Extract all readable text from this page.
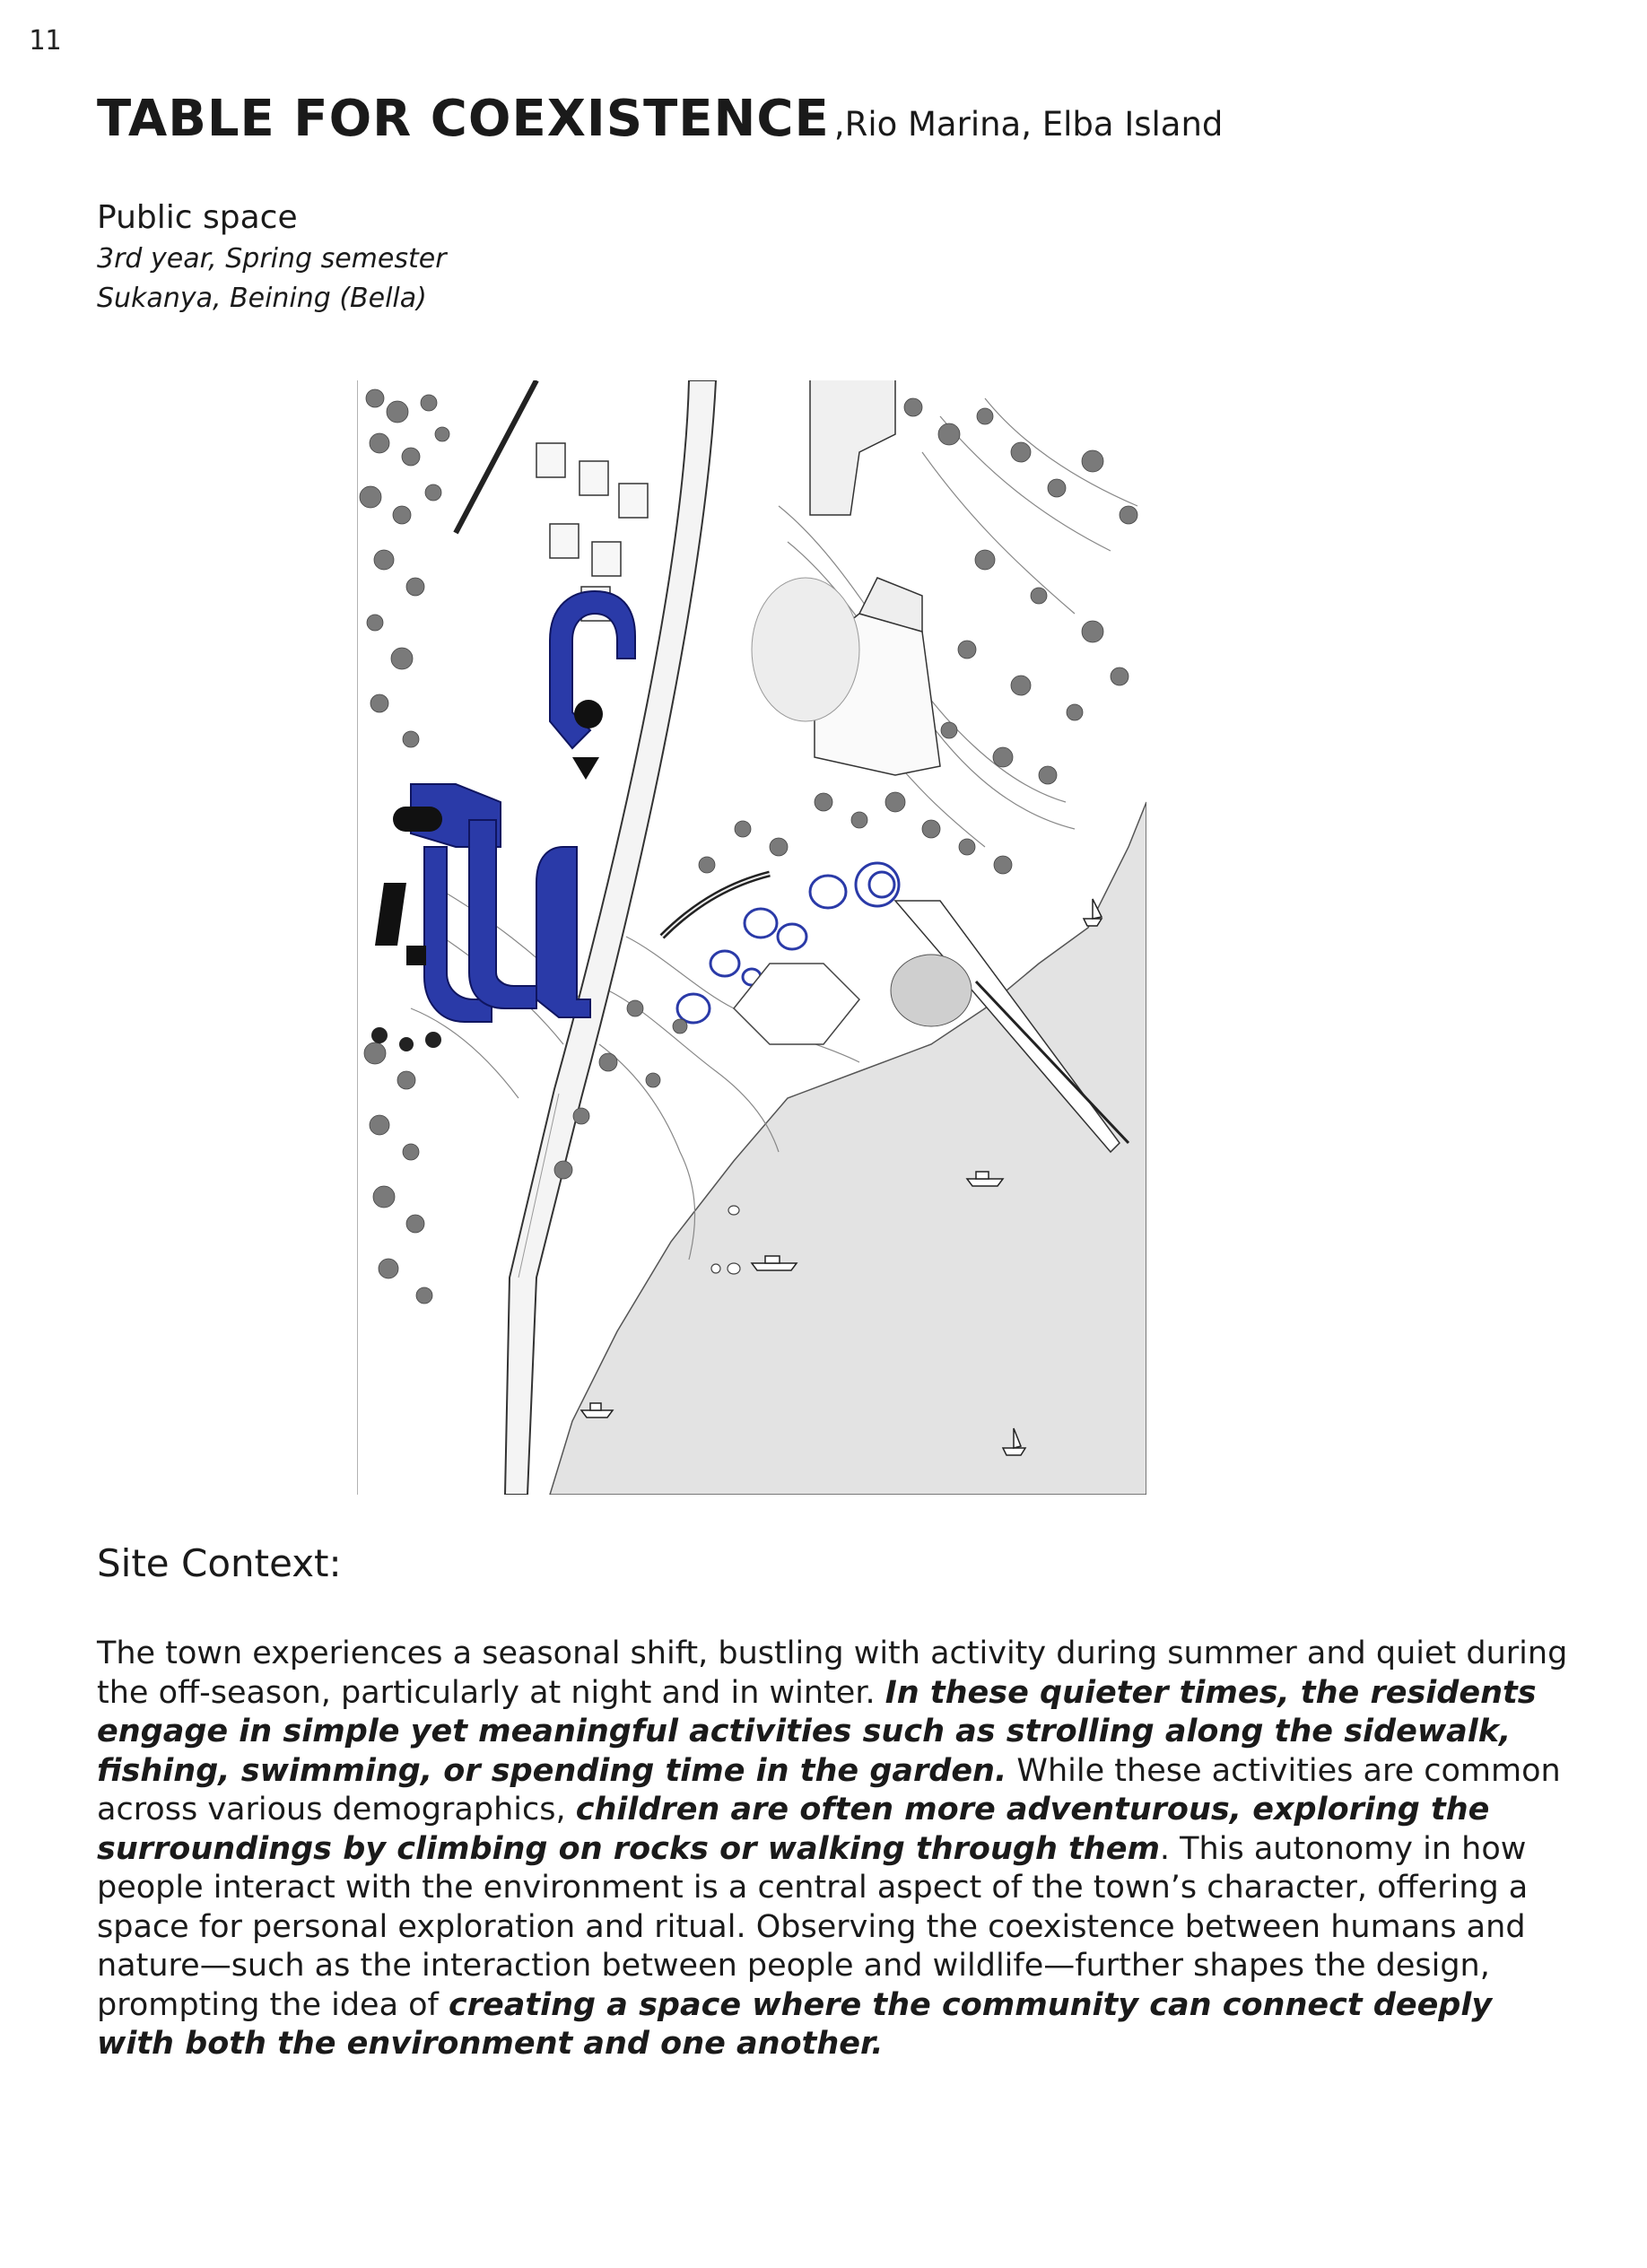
11
TABLE FOR COEXISTENCE ,Rio Marina, Elba Island
Public space
3rd year, Spring semester
Sukanya, Beining (Bella)
Site Context:
The town experiences a seasonal shift, bustling with activity during summer and quiet during the off-season, particularly at night and in winter. In these quieter times, the residents engage in simple yet meaningful activities such as strolling along the sidewalk, fishing, swimming, or spending time in the garden. While these activities are common across various demographics, children are often more adventurous, exploring the surroundings by climbing on rocks or walking through them. This autonomy in how people interact with the environment is a central aspect of the town’s character, offering a space for personal exploration and ritual. Observing the coexistence between humans and nature—such as the interaction between people and wildlife—further shapes the design, prompting the idea of creating a space where the community can connect deeply with both the environment and one another.
